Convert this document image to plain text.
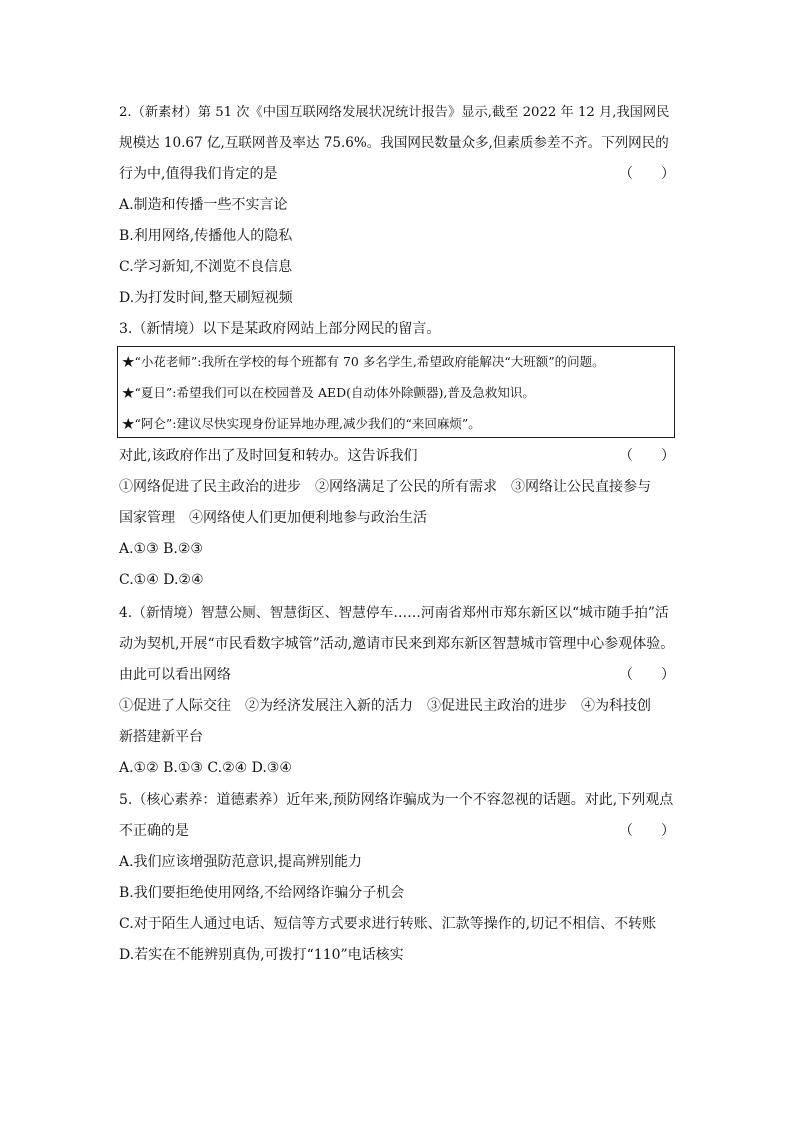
2.（新素材）第 51 次《中国互联网络发展状况统计报告》显示,截至 2022 年 12 月,我国网民
规模达 10.67 亿,互联网普及率达 75.6%。我国网民数量众多,但素质参差不齐。下列网民的
行为中,值得我们肯定的是	（　　）
A.制造和传播一些不实言论
B.利用网络,传播他人的隐私
C.学习新知,不浏览不良信息
D.为打发时间,整天刷短视频
3.（新情境）以下是某政府网站上部分网民的留言。
★“小花老师”:我所在学校的每个班都有 70 多名学生,希望政府能解决“大班额”的问题。
★“夏日”:希望我们可以在校园普及 AED(自动体外除颤器),普及急救知识。
★“阿仑”:建议尽快实现身份证异地办理,减少我们的“来回麻烦”。
对此,该政府作出了及时回复和转办。这告诉我们	（　　）
①网络促进了民主政治的进步　②网络满足了公民的所有需求　③网络让公民直接参与
国家管理　④网络使人们更加便利地参与政治生活
A.①③ B.②③
C.①④ D.②④
4.（新情境）智慧公厕、智慧街区、智慧停车……河南省郑州市郑东新区以“城市随手拍”活
动为契机,开展“市民看数字城管”活动,邀请市民来到郑东新区智慧城市管理中心参观体验。
由此可以看出网络	（　　）
①促进了人际交往　②为经济发展注入新的活力　③促进民主政治的进步　④为科技创
新搭建新平台
A.①② B.①③ C.②④ D.③④
5.（核心素养：道德素养）近年来,预防网络诈骗成为一个不容忽视的话题。对此,下列观点
不正确的是	（　　）
A.我们应该增强防范意识,提高辨别能力
B.我们要拒绝使用网络,不给网络诈骗分子机会
C.对于陌生人通过电话、短信等方式要求进行转账、汇款等操作的,切记不相信、不转账
D.若实在不能辨别真伪,可拨打“110”电话核实
